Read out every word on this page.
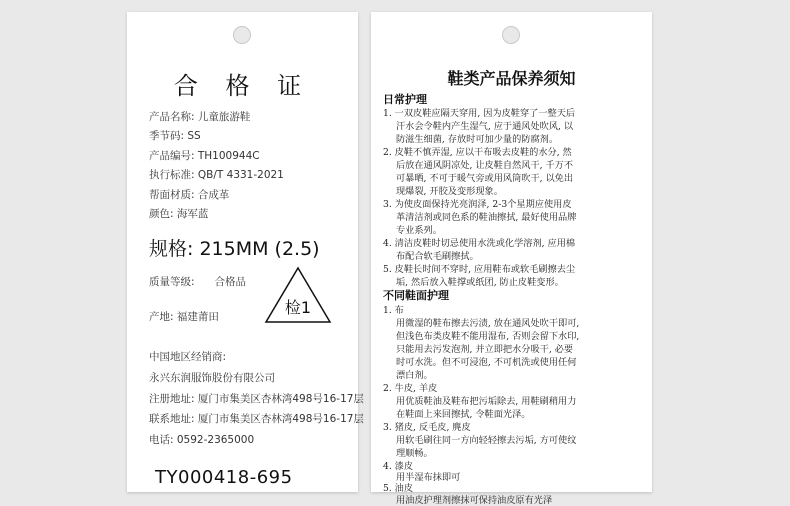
合 格 证
产品名称: 儿童旅游鞋
季节码: SS
产品编号: TH100944C
执行标准: QB/T 4331-2021
帮面材质: 合成革
颜色: 海军蓝
规格: 215MM (2.5)
质量等级: 合格品
检1
产地: 福建莆田
中国地区经销商:
永兴东润服饰股份有限公司
注册地址: 厦门市集美区杏林湾498号16-17层
联系地址: 厦门市集美区杏林湾498号16-17层
电话: 0592-2365000
TY000418-695
鞋类产品保养须知
日常护理
1. 一双皮鞋应隔天穿用, 因为皮鞋穿了一整天后
汗水会令鞋内产生湿气, 应于通风处吹风, 以
防滋生细菌, 存放时可加少量的防腐剂。
2. 皮鞋不慎弄湿, 应以干布吸去皮鞋的水分, 然
后放在通风阴凉处, 让皮鞋自然风干, 千万不
可暴晒, 不可于暖气旁或用风筒吹干, 以免出
现爆裂, 开胶及变形现象。
3. 为使皮面保持光亮润泽, 2-3个星期应使用皮
革清洁剂或同色系的鞋油擦拭, 最好使用品牌
专业系列。
4. 清洁皮鞋时切忌使用水洗或化学溶剂, 应用棉
布配合软毛刷擦拭。
5. 皮鞋长时间不穿时, 应用鞋布或软毛刷擦去尘
垢, 然后放入鞋撑或纸团, 防止皮鞋变形。
不同鞋面护理
1. 布
用微湿的鞋布擦去污渍, 放在通风处吹干即可,
但浅色布类皮鞋不能用湿布, 否则会留下水印,
只能用去污发泡剂, 并立即把水分吸干, 必要
时可水洗。但不可浸泡, 不可机洗或使用任何
漂白剂。
2. 牛皮, 羊皮
用优质鞋油及鞋布把污垢除去, 用鞋刷稍用力
在鞋面上来回擦拭, 令鞋面光泽。
3. 猪皮, 反毛皮, 麂皮
用软毛刷往同一方向轻轻擦去污垢, 方可使纹
理顺畅。
4. 漆皮
用半湿布抹即可
5. 油皮
用油皮护理剂擦抹可保持油皮原有光泽
